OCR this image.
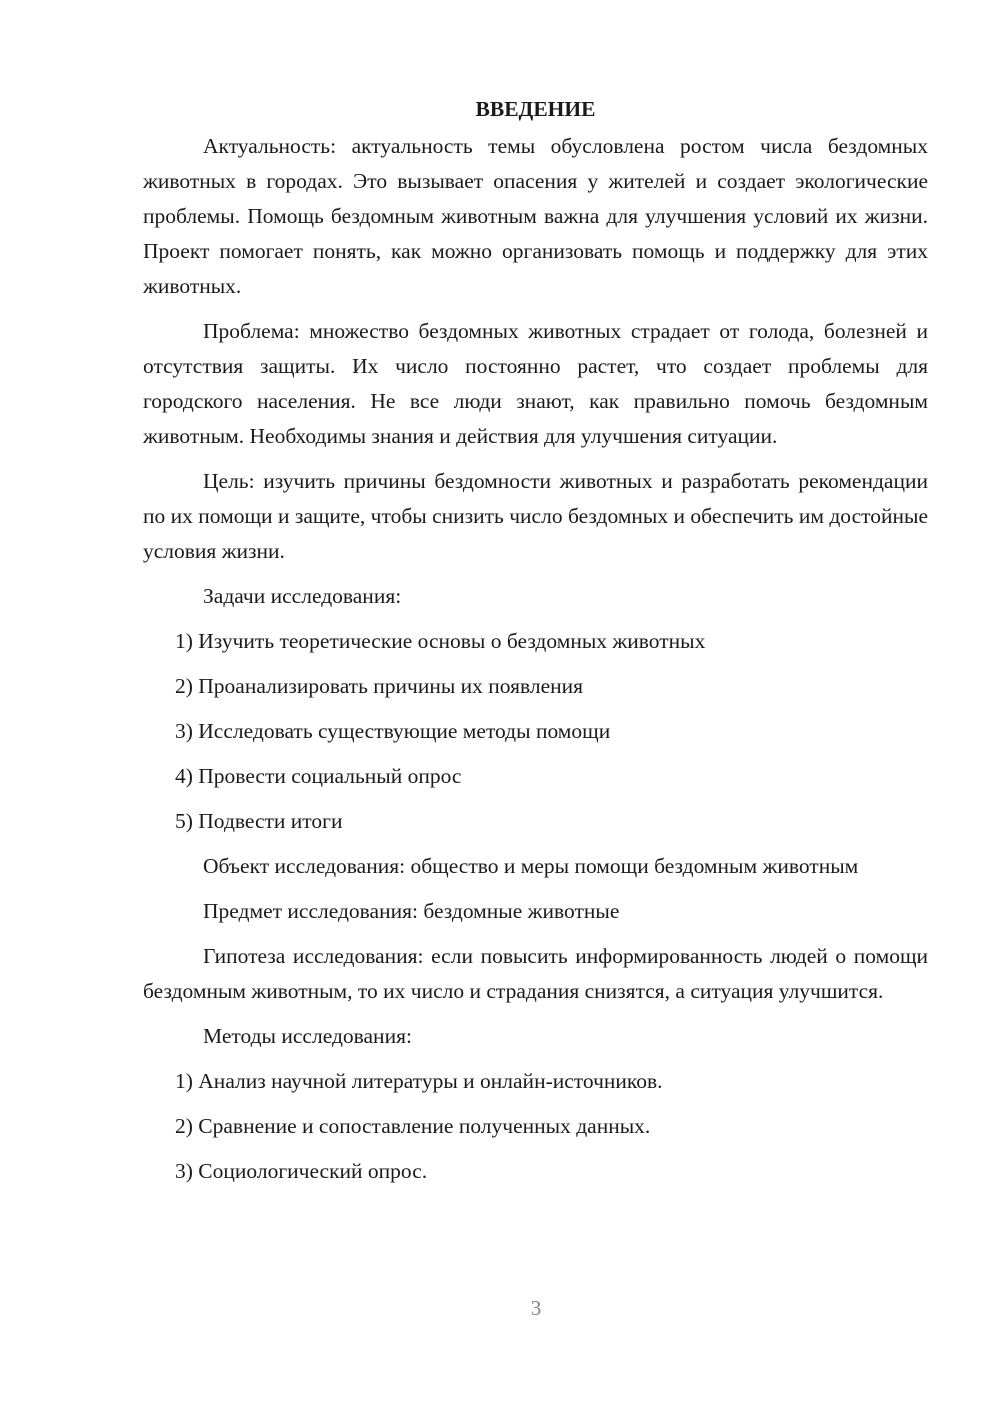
ВВЕДЕНИЕ

Актуальность: актуальность темы обусловлена ростом числа бездомных животных в городах. Это вызывает опасения у жителей и создает экологические проблемы. Помощь бездомным животным важна для улучшения условий их жизни. Проект помогает понять, как можно организовать помощь и поддержку для этих животных.

Проблема: множество бездомных животных страдает от голода, болезней и отсутствия защиты. Их число постоянно растет, что создает проблемы для городского населения. Не все люди знают, как правильно помочь бездомным животным. Необходимы знания и действия для улучшения ситуации.

Цель: изучить причины бездомности животных и разработать рекомендации по их помощи и защите, чтобы снизить число бездомных и обеспечить им достойные условия жизни.

Задачи исследования:

1) Изучить теоретические основы о бездомных животных

2) Проанализировать причины их появления

3) Исследовать существующие методы помощи

4) Провести социальный опрос

5) Подвести итоги

Объект исследования: общество и меры помощи бездомным животным

Предмет исследования: бездомные животные

Гипотеза исследования: если повысить информированность людей о помощи бездомным животным, то их число и страдания снизятся, а ситуация улучшится.

Методы исследования:

1) Анализ научной литературы и онлайн-источников.

2) Сравнение и сопоставление полученных данных.

3) Социологический опрос.

3
